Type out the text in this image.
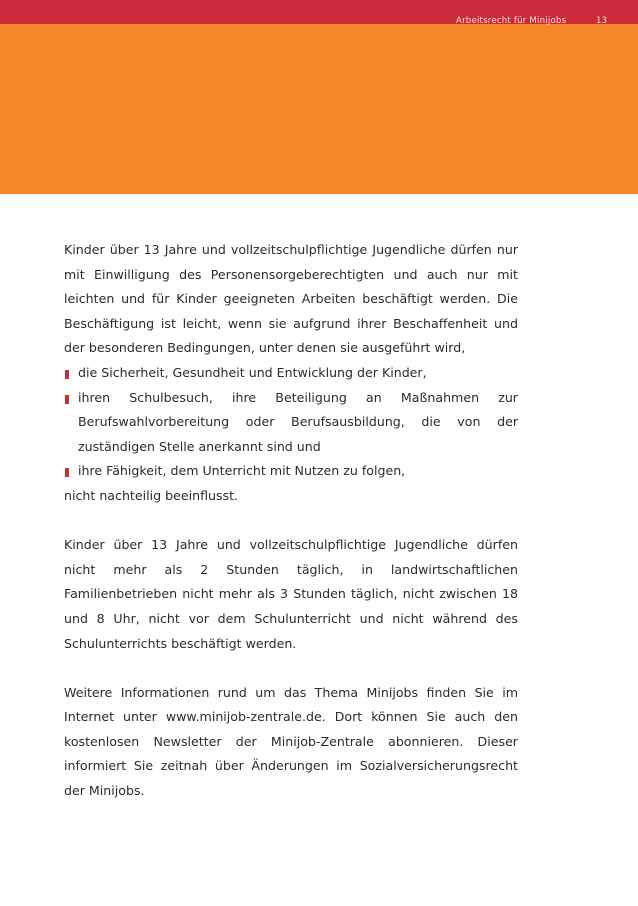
Arbeitsrecht für Minijobs	13

Kinder über 13 Jahre und vollzeitschulpflichtige Jugendliche dürfen nur mit Einwilligung des Personensorgeberechtigten und auch nur mit leichten und für Kinder geeigneten Arbeiten beschäftigt werden. Die Beschäftigung ist leicht, wenn sie aufgrund ihrer Beschaffenheit und der besonderen Bedingungen, unter denen sie ausgeführt wird,

die Sicherheit, Gesundheit und Entwicklung der Kinder,
ihren Schulbesuch, ihre Beteiligung an Maßnahmen zur Berufswahlvorbereitung oder Berufsausbildung, die von der zuständigen Stelle anerkannt sind und
ihre Fähigkeit, dem Unterricht mit Nutzen zu folgen,

nicht nachteilig beeinflusst.

Kinder über 13 Jahre und vollzeitschulpflichtige Jugendliche dürfen nicht mehr als 2 Stunden täglich, in landwirtschaftlichen Familienbetrieben nicht mehr als 3 Stunden täglich, nicht zwischen 18 und 8 Uhr, nicht vor dem Schulunterricht und nicht während des Schulunterrichts beschäftigt werden.

Weitere Informationen rund um das Thema Minijobs finden Sie im Internet unter www.minijob-zentrale.de. Dort können Sie auch den kostenlosen Newsletter der Minijob-Zentrale abonnieren. Dieser informiert Sie zeitnah über Änderungen im Sozialversicherungsrecht der Minijobs.
